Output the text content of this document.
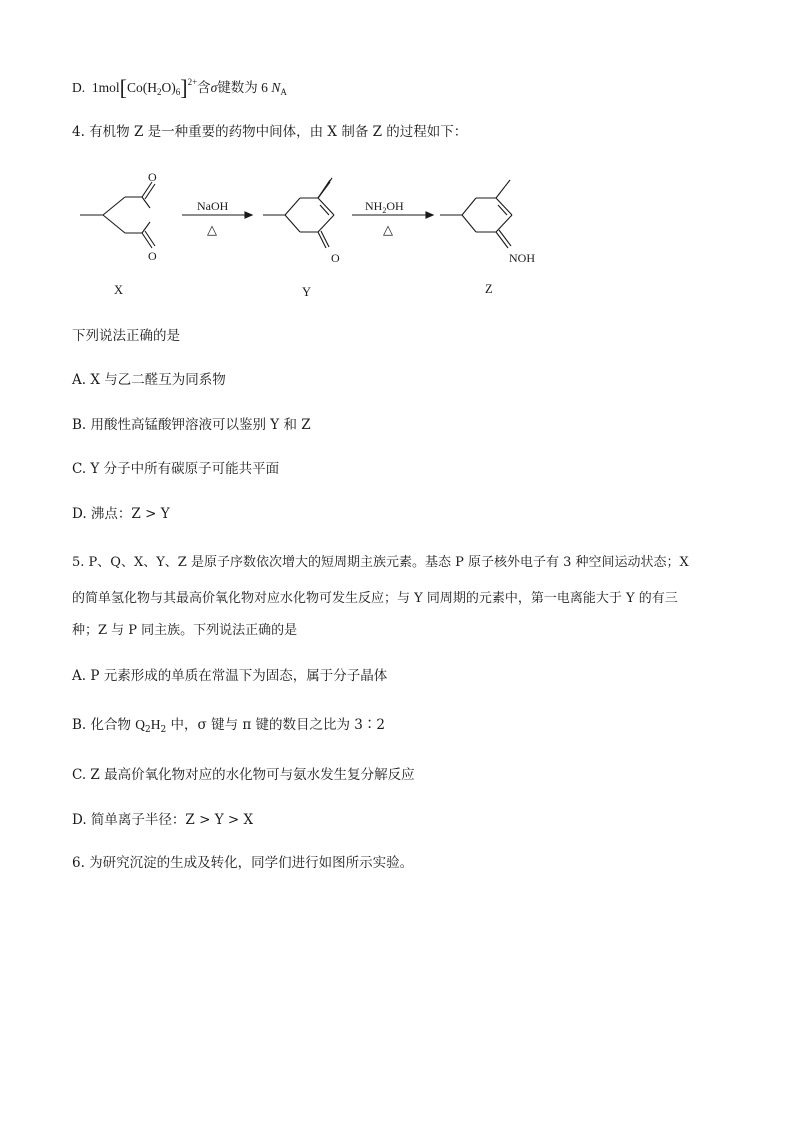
D. $1mol[Co(H_2O)_6]^{2+}$含σ键数为 6 $N_A$
4. 有机物 Z 是一种重要的药物中间体，由 X 制备 Z 的过程如下：
O
O
NaOH
△
O
$NH_2OH$
△
NOH
X	Y	Z
下列说法正确的是
A. X 与乙二醛互为同系物
B. 用酸性高锰酸钾溶液可以鉴别 Y 和 Z
C. Y 分子中所有碳原子可能共平面
D. 沸点：Z > Y
5. P、Q、X、Y、Z 是原子序数依次增大的短周期主族元素。基态 P 原子核外电子有 3 种空间运动状态；X
的简单氢化物与其最高价氧化物对应水化物可发生反应；与 Y 同周期的元素中，第一电离能大于 Y 的有三
种；Z 与 P 同主族。下列说法正确的是
A. P 元素形成的单质在常温下为固态，属于分子晶体
B. 化合物 $Q_2H_2$ 中，σ 键与 π 键的数目之比为 3∶2
C. Z 最高价氧化物对应的水化物可与氨水发生复分解反应
D. 简单离子半径：Z > Y > X
6. 为研究沉淀的生成及转化，同学们进行如图所示实验。
